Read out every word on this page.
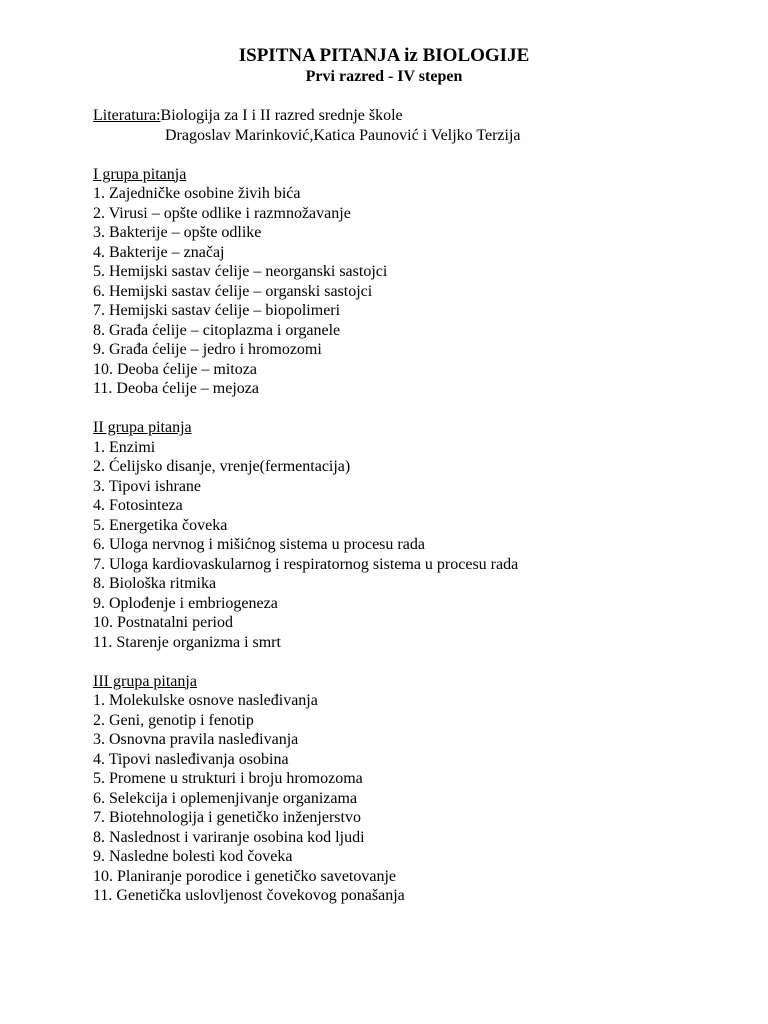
ISPITNA PITANJA iz BIOLOGIJE
Prvi razred - IV stepen
Literatura:Biologija za I i II razred srednje škole
Dragoslav Marinković,Katica Paunović i Veljko Terzija
I grupa pitanja
1. Zajedničke osobine živih bića
2. Virusi – opšte odlike i razmnožavanje
3. Bakterije – opšte odlike
4. Bakterije – značaj
5. Hemijski sastav ćelije – neorganski sastojci
6. Hemijski sastav ćelije – organski sastojci
7. Hemijski sastav ćelije – biopolimeri
8. Građa ćelije – citoplazma i organele
9. Građa ćelije – jedro i hromozomi
10. Deoba ćelije – mitoza
11. Deoba ćelije – mejoza
II grupa pitanja
1. Enzimi
2. Ćelijsko disanje, vrenje(fermentacija)
3. Tipovi ishrane
4. Fotosinteza
5. Energetika čoveka
6. Uloga nervnog i mišićnog sistema u procesu rada
7. Uloga kardiovaskularnog i respiratornog sistema u procesu rada
8. Biološka ritmika
9. Oplođenje i embriogeneza
10. Postnatalni period
11. Starenje organizma i smrt
III grupa pitanja
1. Molekulske osnove nasleđivanja
2. Geni, genotip i fenotip
3. Osnovna pravila nasleđivanja
4. Tipovi nasleđivanja osobina
5. Promene u strukturi i broju hromozoma
6. Selekcija i oplemenjivanje organizama
7. Biotehnologija i genetičko inženjerstvo
8. Naslednost i variranje osobina kod ljudi
9. Nasledne bolesti kod čoveka
10. Planiranje porodice i genetičko savetovanje
11. Genetička uslovljenost čovekovog ponašanja
